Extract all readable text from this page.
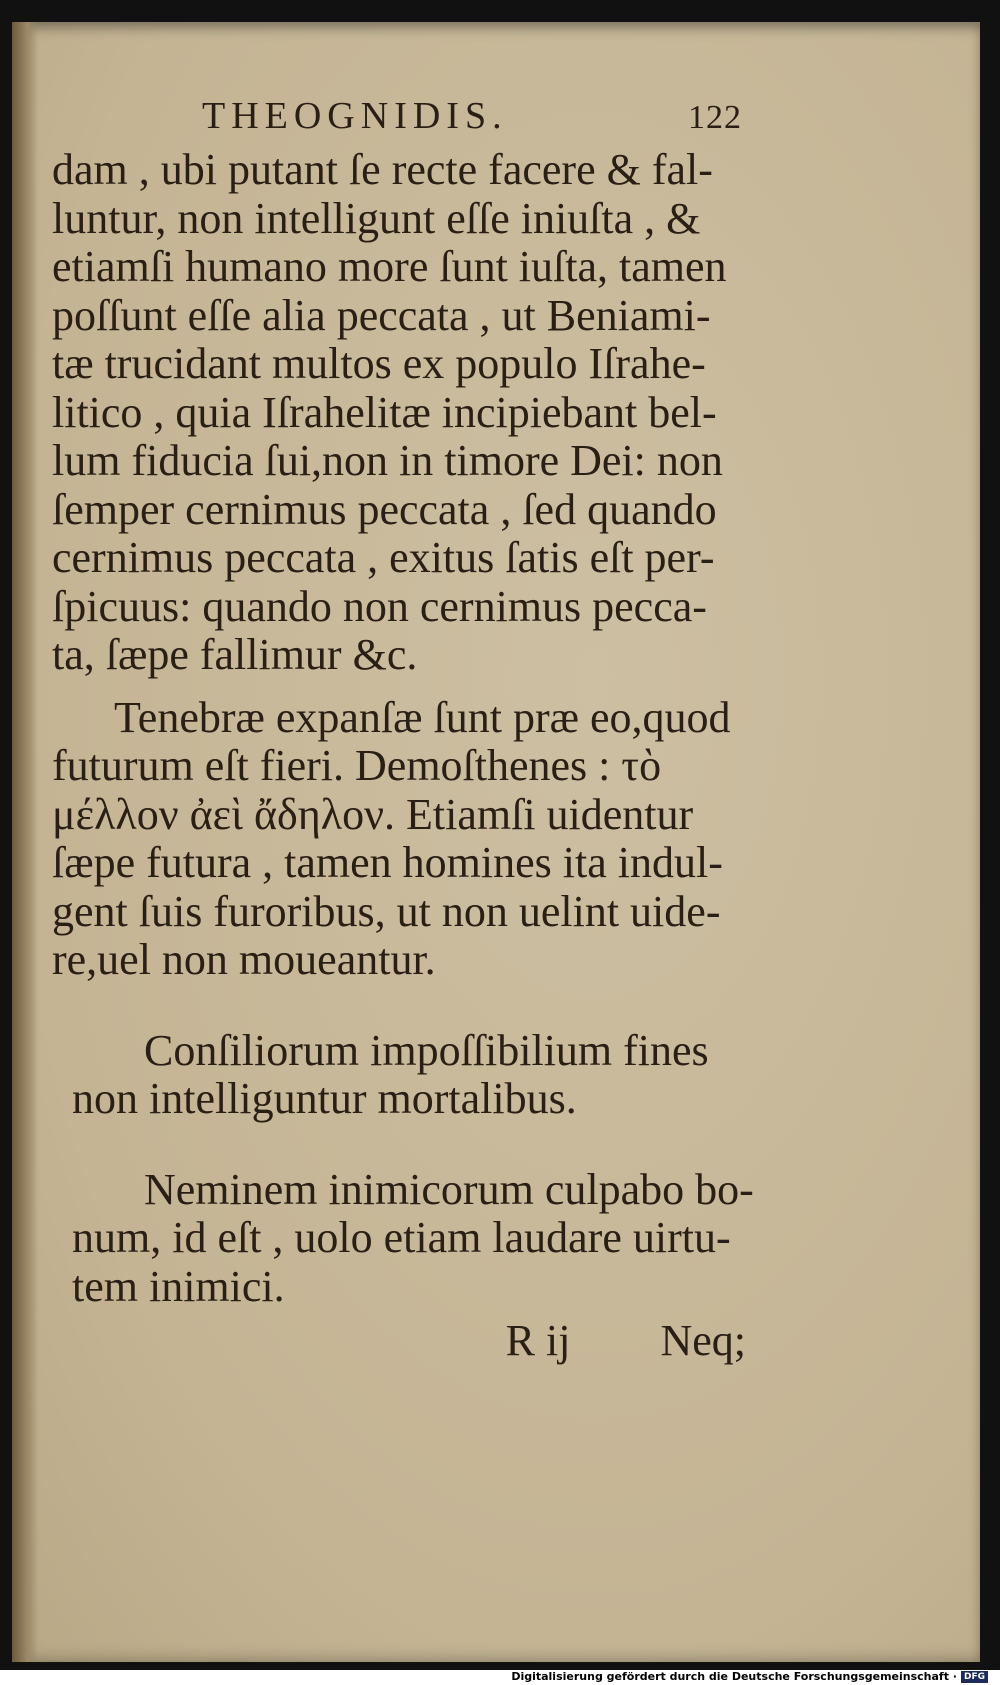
THEOGNIDIS.	122
dam , ubi putant ſe recte facere & fal-
luntur, non intelligunt eſſe iniuſta , &
etiamſi humano more ſunt iuſta, tamen
poſſunt eſſe alia peccata , ut Beniami-
tæ trucidant multos ex populo Iſrahe-
litico , quia Iſrahelitæ incipiebant bel-
lum fiducia ſui,non in timore Dei: non
ſemper cernimus peccata , ſed quando
cernimus peccata , exitus ſatis eſt per-
ſpicuus: quando non cernimus pecca-
ta, ſæpe fallimur &c.
Tenebræ expanſæ ſunt præ eo,quod
futurum eſt fieri. Demoſthenes : τὸ
μέλλον ἀεὶ ἄδηλον. Etiamſi uidentur
ſæpe futura , tamen homines ita indul-
gent ſuis furoribus, ut non uelint uide-
re,uel non moueantur.
Conſiliorum impoſſibilium fines
non intelliguntur mortalibus.
Neminem inimicorum culpabo bo-
num, id eſt , uolo etiam laudare uirtu-
tem inimici.
R ij Neq;
Digitalisierung gefördert durch die Deutsche Forschungsgemeinschaft · DFG
